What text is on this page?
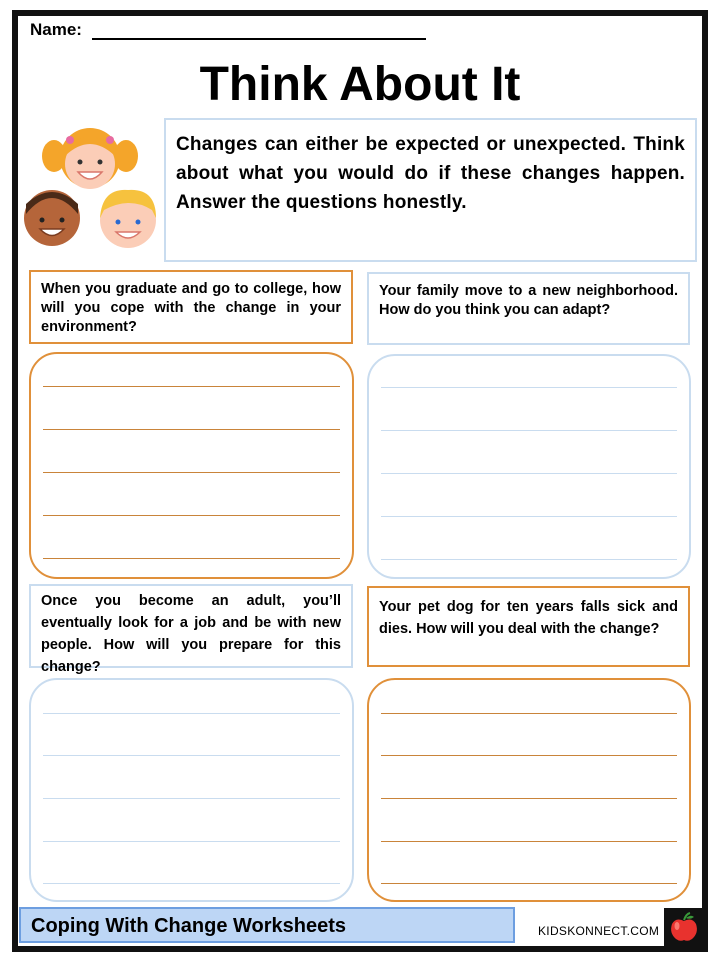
Name:
Think About It
Changes can either be expected or unexpected. Think about what you would do if these changes happen. Answer the questions honestly.
When you graduate and go to college, how will you cope with the change in your environment?
Your family move to a new neighborhood. How do you think you can adapt?
Once you become an adult, you’ll eventually look for a job and be with new people. How will you prepare for this change?
Your pet dog for ten years falls sick and dies. How will you deal with the change?
Coping With Change Worksheets	KIDSKONNECT.COM
